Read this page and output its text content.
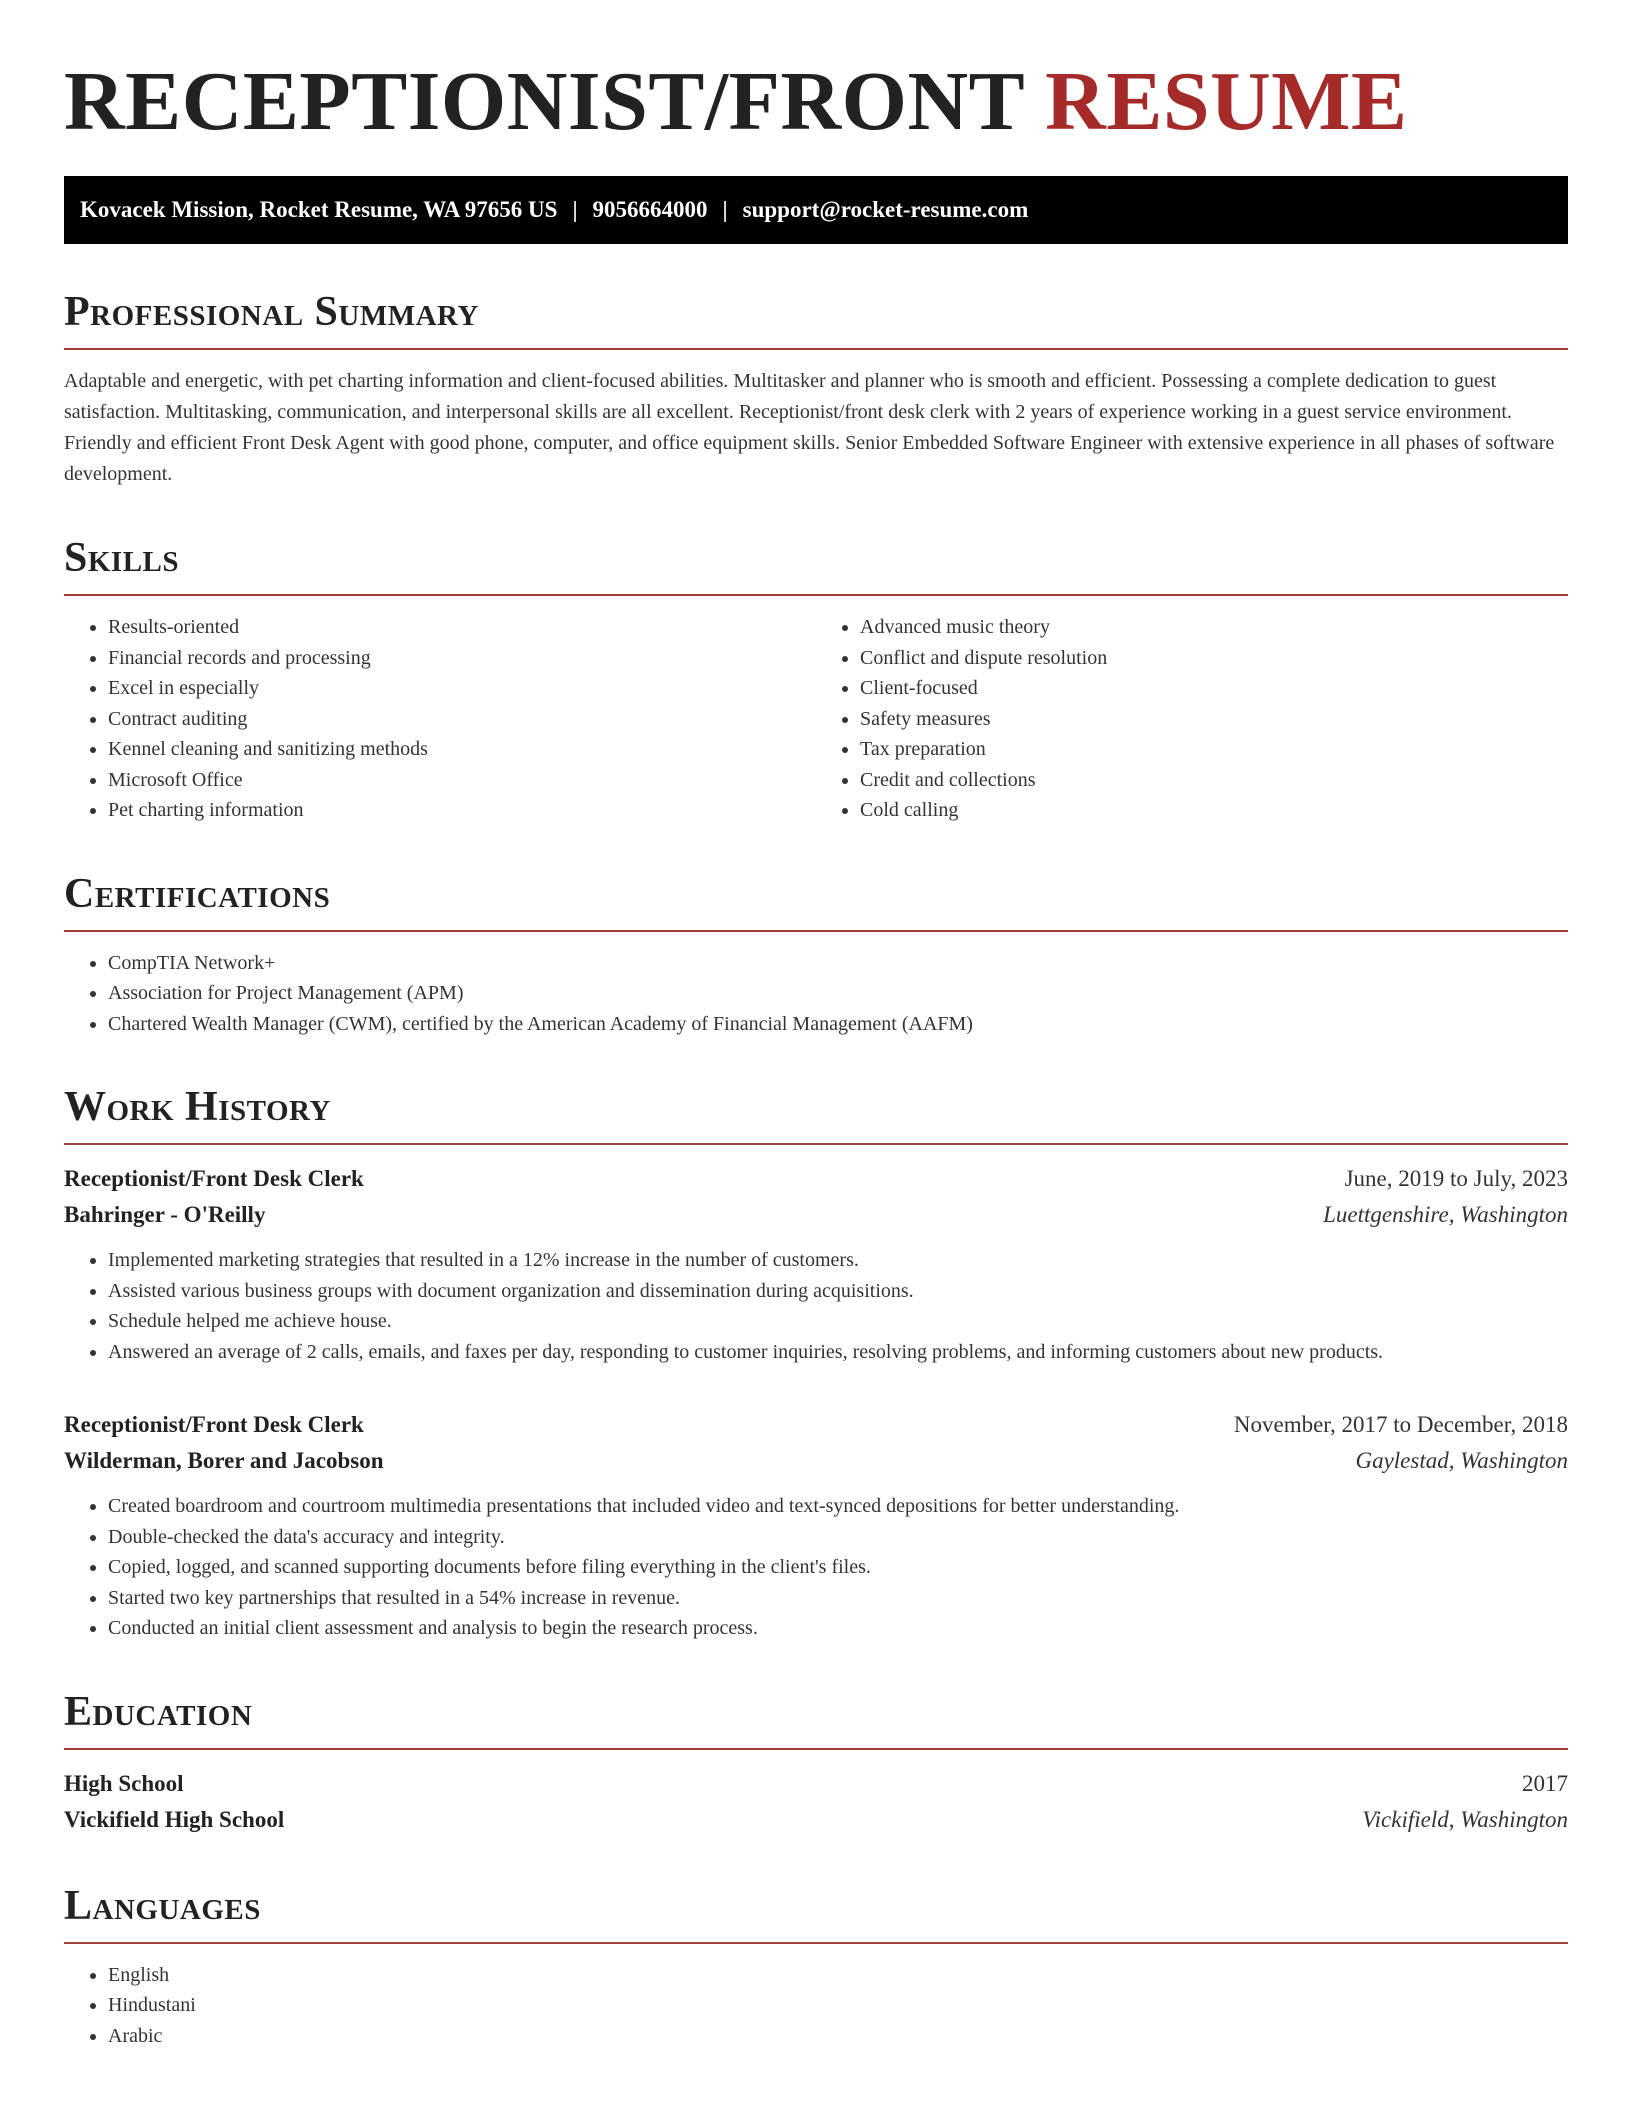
RECEPTIONIST/FRONT RESUME
Kovacek Mission, Rocket Resume, WA 97656 US | 9056664000 | support@rocket-resume.com
Professional Summary

Adaptable and energetic, with pet charting information and client-focused abilities. Multitasker and planner who is smooth and efficient. Possessing a complete dedication to guest satisfaction. Multitasking, communication, and interpersonal skills are all excellent. Receptionist/front desk clerk with 2 years of experience working in a guest service environment. Friendly and efficient Front Desk Agent with good phone, computer, and office equipment skills. Senior Embedded Software Engineer with extensive experience in all phases of software development.

Skills
• Results-oriented
• Financial records and processing
• Excel in especially
• Contract auditing
• Kennel cleaning and sanitizing methods
• Microsoft Office
• Pet charting information
• Advanced music theory
• Conflict and dispute resolution
• Client-focused
• Safety measures
• Tax preparation
• Credit and collections
• Cold calling
Certifications
• CompTIA Network+
• Association for Project Management (APM)
• Chartered Wealth Manager (CWM), certified by the American Academy of Financial Management (AAFM)
Work History
Receptionist/Front Desk Clerk	June, 2019 to July, 2023
Bahringer - O'Reilly	Luettgenshire, Washington
• Implemented marketing strategies that resulted in a 12% increase in the number of customers.
• Assisted various business groups with document organization and dissemination during acquisitions.
• Schedule helped me achieve house.
• Answered an average of 2 calls, emails, and faxes per day, responding to customer inquiries, resolving problems, and informing customers about new products.
Receptionist/Front Desk Clerk	November, 2017 to December, 2018
Wilderman, Borer and Jacobson	Gaylestad, Washington
• Created boardroom and courtroom multimedia presentations that included video and text-synced depositions for better understanding.
• Double-checked the data's accuracy and integrity.
• Copied, logged, and scanned supporting documents before filing everything in the client's files.
• Started two key partnerships that resulted in a 54% increase in revenue.
• Conducted an initial client assessment and analysis to begin the research process.
Education
High School	2017
Vickifield High School	Vickifield, Washington
Languages
• English
• Hindustani
• Arabic
